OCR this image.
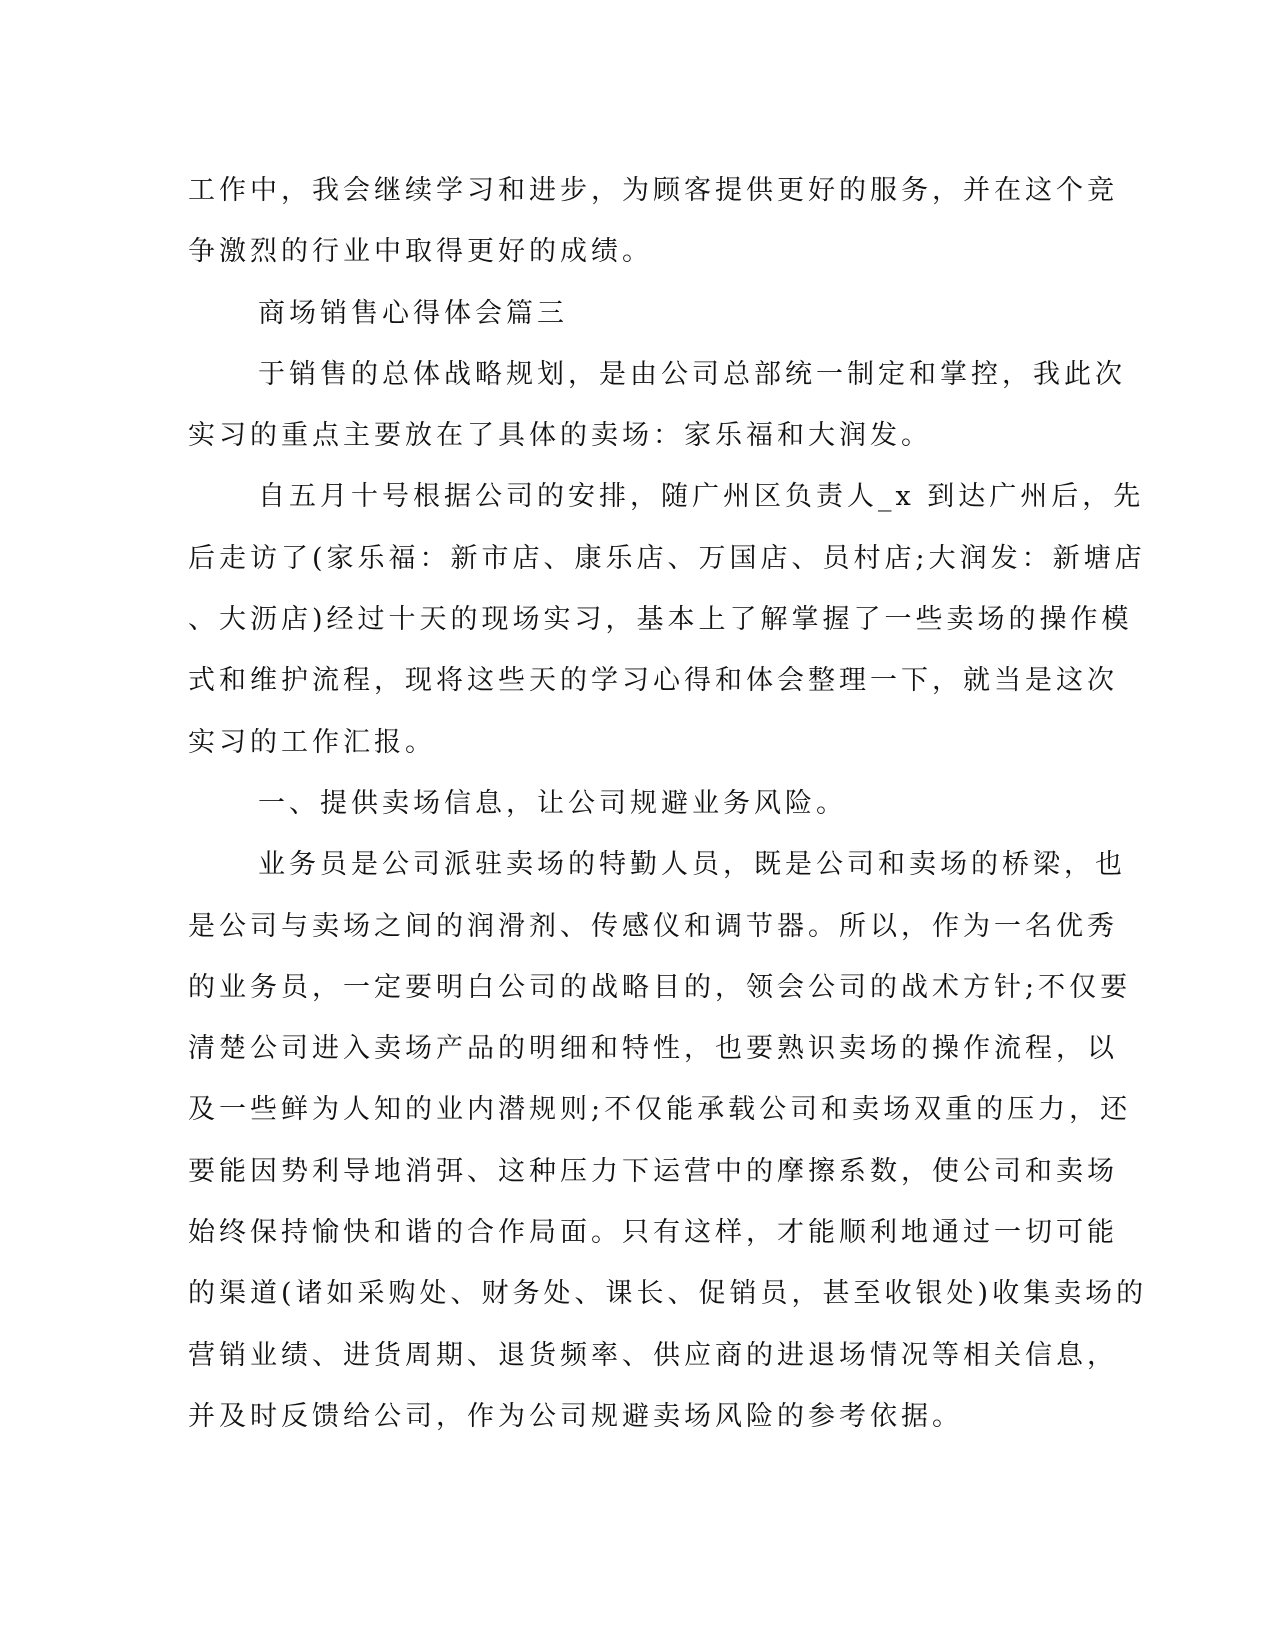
工作中，我会继续学习和进步，为顾客提供更好的服务，并在这个竞
争激烈的行业中取得更好的成绩。
商场销售心得体会篇三
于销售的总体战略规划，是由公司总部统一制定和掌控，我此次
实习的重点主要放在了具体的卖场：家乐福和大润发。
自五月十号根据公司的安排，随广州区负责人_x 到达广州后，先
后走访了(家乐福：新市店、康乐店、万国店、员村店;大润发：新塘店
、大沥店)经过十天的现场实习，基本上了解掌握了一些卖场的操作模
式和维护流程，现将这些天的学习心得和体会整理一下，就当是这次
实习的工作汇报。
一、提供卖场信息，让公司规避业务风险。
业务员是公司派驻卖场的特勤人员，既是公司和卖场的桥梁，也
是公司与卖场之间的润滑剂、传感仪和调节器。所以，作为一名优秀
的业务员，一定要明白公司的战略目的，领会公司的战术方针;不仅要
清楚公司进入卖场产品的明细和特性，也要熟识卖场的操作流程，以
及一些鲜为人知的业内潜规则;不仅能承载公司和卖场双重的压力，还
要能因势利导地消弭、这种压力下运营中的摩擦系数，使公司和卖场
始终保持愉快和谐的合作局面。只有这样，才能顺利地通过一切可能
的渠道(诸如采购处、财务处、课长、促销员，甚至收银处)收集卖场的
营销业绩、进货周期、退货频率、供应商的进退场情况等相关信息，
并及时反馈给公司，作为公司规避卖场风险的参考依据。
